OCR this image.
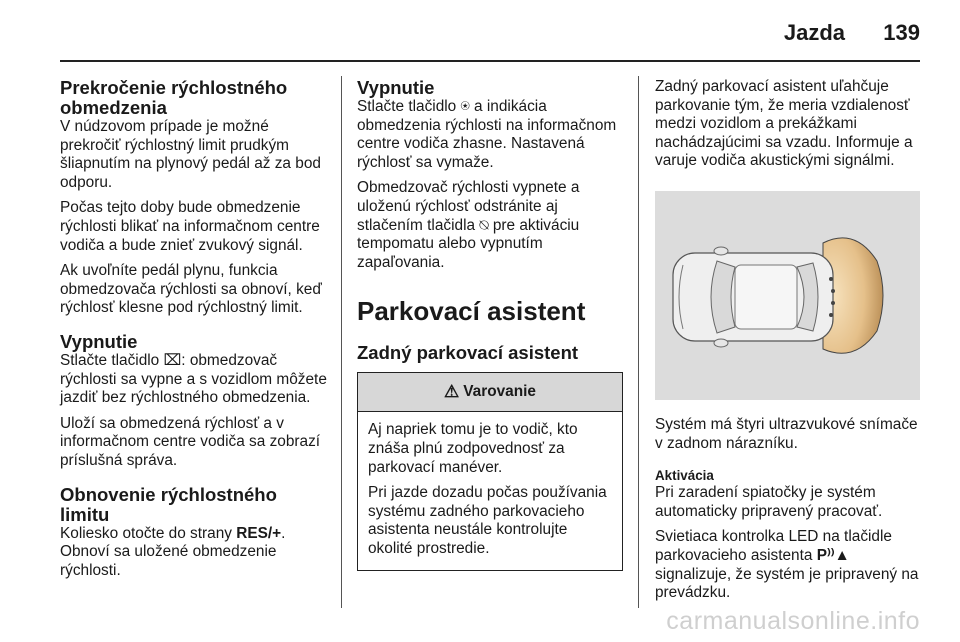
Jazda 139
Prekročenie rýchlostného obmedzenia

V núdzovom prípade je možné prekročiť rýchlostný limit prudkým šliapnutím na plynový pedál až za bod odporu.

Počas tejto doby bude obmedzenie rýchlosti blikať na informačnom centre vodiča a bude znieť zvukový signál.

Ak uvoľníte pedál plynu, funkcia obmedzovača rýchlosti sa obnoví, keď rýchlosť klesne pod rýchlostný limit.

Vypnutie

Stlačte tlačidlo ⌧: obmedzovač rýchlosti sa vypne a s vozidlom môžete jazdiť bez rýchlostného obmedzenia.

Uloží sa obmedzená rýchlosť a v informačnom centre vodiča sa zobrazí príslušná správa.

Obnovenie rýchlostného limitu

Koliesko otočte do strany RES/+. Obnoví sa uložené obmedzenie rýchlosti.

Vypnutie

Stlačte tlačidlo ⍟ a indikácia obmedzenia rýchlosti na informačnom centre vodiča zhasne. Nastavená rýchlosť sa vymaže.

Obmedzovač rýchlosti vypnete a uloženú rýchlosť odstránite aj stlačením tlačidla ⍉ pre aktiváciu tempomatu alebo vypnutím zapaľovania.

Parkovací asistent
Zadný parkovací asistent
⚠ Varovanie

Aj napriek tomu je to vodič, kto znáša plnú zodpovednosť za parkovací manéver.

Pri jazde dozadu počas používania systému zadného parkovacieho asistenta neustále kontrolujte okolité prostredie.

Zadný parkovací asistent uľahčuje parkovanie tým, že meria vzdialenosť medzi vozidlom a prekážkami nachádzajúcimi sa vzadu. Informuje a varuje vodiča akustickými signálmi.

Systém má štyri ultrazvukové snímače v zadnom nárazníku.

Aktivácia

Pri zaradení spiatočky je systém automaticky pripravený pracovať.

Svietiaca kontrolka LED na tlačidle parkovacieho asistenta P⁾⁾▲ signalizuje, že systém je pripravený na prevádzku.

carmanualsonline.info
